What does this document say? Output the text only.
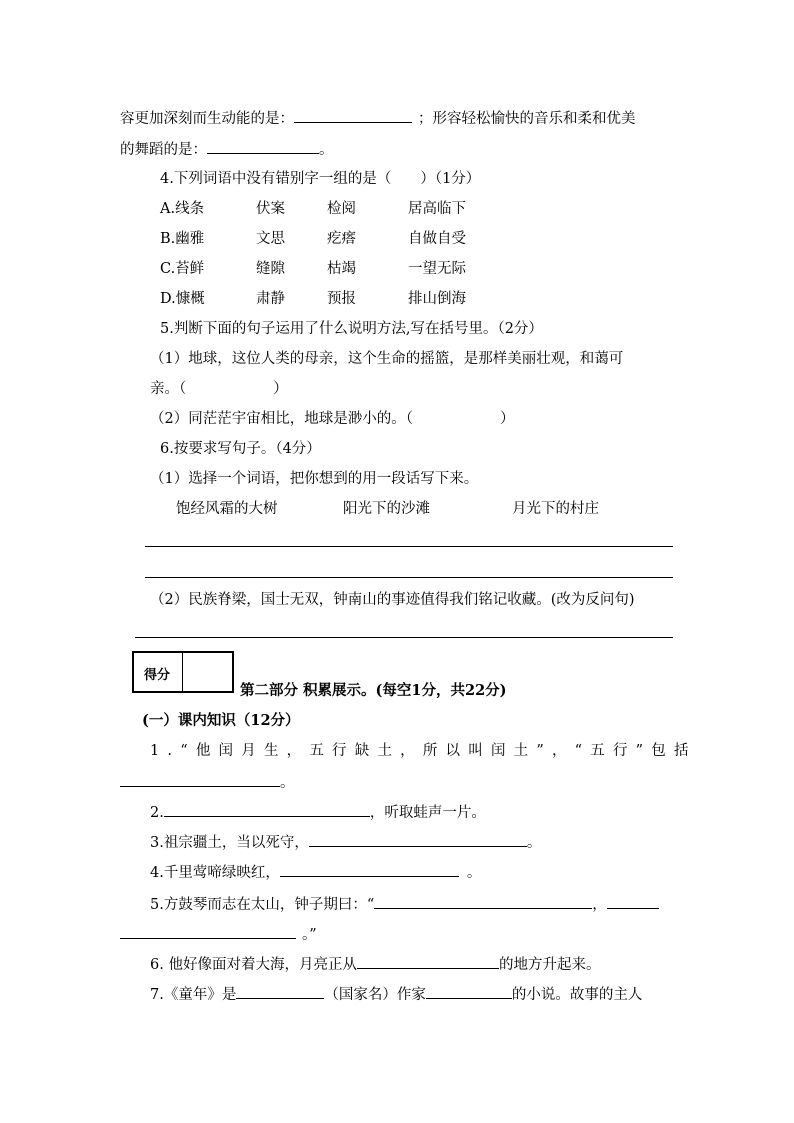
容更加深刻而生动能的是：	；形容轻松愉快的音乐和柔和优美
的舞蹈的是：	。
4.下列词语中没有错别字一组的是（　　）（1分）
A.线条	伏案	检阅	居高临下
B.幽雅	文思	疙瘩	自做自受
C.苔鲜	缝隙	枯竭	一望无际
D.慷概	肃静	预报	排山倒海
5.判断下面的句子运用了什么说明方法,写在括号里。（2分）
（1）地球，这位人类的母亲，这个生命的摇篮，是那样美丽壮观，和蔼可
亲。（　　　　　　）
（2）同茫茫宇宙相比，地球是渺小的。（　　　　　　）
6.按要求写句子。（4分）
（1）选择一个词语，把你想到的用一段话写下来。
饱经风霜的大树	阳光下的沙滩	月光下的村庄
（2）民族脊梁，国士无双，钟南山的事迹值得我们铭记收藏。(改为反问句)
得分
第二部分 积累展示。(每空1分，共22分)
(一）课内知识（12分）
1.“他闰月生，五行缺土，所以叫闰土”，“五行”包括
。
2.	，听取蛙声一片。
3.祖宗疆土，当以死守，	。
4.千里莺啼绿映红，	。
5.方鼓琴而志在太山，钟子期曰：“	，
。”
6. 他好像面对着大海，月亮正从	的地方升起来。
7.《童年》是	（国家名）作家	的小说。故事的主人
